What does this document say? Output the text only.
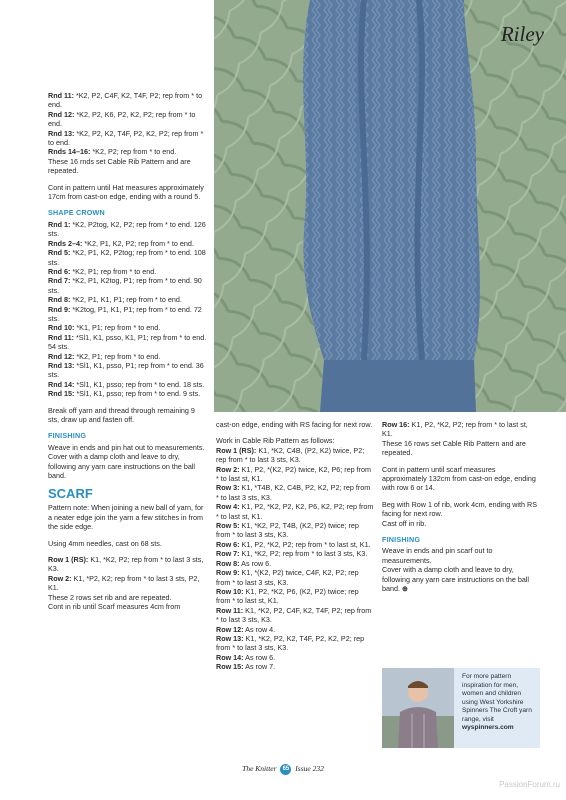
Riley
Rnd 11: *K2, P2, C4F, K2, T4F, P2; rep from * to end.
Rnd 12: *K2, P2, K6, P2, K2, P2; rep from * to end.
Rnd 13: *K2, P2, K2, T4F, P2, K2, P2; rep from * to end.
Rnds 14–16: *K2, P2; rep from * to end.

These 16 rnds set Cable Rib Pattern and are repeated.

Cont in pattern until Hat measures approximately 17cm from cast-on edge, ending with a round 5.

SHAPE CROWN
Rnd 1: *K2, P2tog, K2, P2; rep from * to end. 126 sts.
Rnds 2–4: *K2, P1, K2, P2; rep from * to end.
Rnd 5: *K2, P1, K2, P2tog; rep from * to end. 108 sts.
Rnd 6: *K2, P1; rep from * to end.
Rnd 7: *K2, P1, K2tog, P1; rep from * to end. 90 sts.
Rnd 8: *K2, P1, K1, P1; rep from * to end.
Rnd 9: *K2tog, P1, K1, P1; rep from * to end. 72 sts.
Rnd 10: *K1, P1; rep from * to end.
Rnd 11: *Sl1, K1, psso, K1, P1; rep from * to end. 54 sts.
Rnd 12: *K2, P1; rep from * to end.
Rnd 13: *Sl1, K1, psso, P1; rep from * to end. 36 sts.
Rnd 14: *Sl1, K1, psso; rep from * to end. 18 sts.
Rnd 15: *Sl1, K1, psso; rep from * to end. 9 sts.

Break off yarn and thread through remaining 9 sts, draw up and fasten off.

FINISHING
Weave in ends and pin hat out to measurements.

Cover with a damp cloth and leave to dry, following any yarn care instructions on the ball band.

SCARF

Pattern note: When joining a new ball of yarn, for a neater edge join the yarn a few stitches in from the side edge.

Using 4mm needles, cast on 68 sts.

Row 1 (RS): K1, *K2, P2; rep from * to last 3 sts, K3.
Row 2: K1, *P2, K2; rep from * to last 3 sts, P2, K1.
These 2 rows set rib and are repeated.
Cont in rib until Scarf measures 4cm from

cast-on edge, ending with RS facing for next row.

Work in Cable Rib Pattern as follows:
Row 1 (RS): K1, *K2, C4B, (P2, K2) twice, P2; rep from * to last 3 sts, K3.
Row 2: K1, P2, *(K2, P2) twice, K2, P6; rep from * to last st, K1.
Row 3: K1, *T4B, K2, C4B, P2, K2, P2; rep from * to last 3 sts, K3.
Row 4: K1, P2, *K2, P2, K2, P6, K2, P2; rep from * to last st, K1.
Row 5: K1, *K2, P2, T4B, (K2, P2) twice; rep from * to last 3 sts, K3.
Row 6: K1, P2, *K2, P2; rep from * to last st, K1.
Row 7: K1, *K2, P2; rep from * to last 3 sts, K3.
Row 8: As row 6.
Row 9: K1, *(K2, P2) twice, C4F, K2, P2; rep from * to last 3 sts, K3.
Row 10: K1, P2, *K2, P6, (K2, P2) twice; rep from * to last st, K1.
Row 11: K1, *K2, P2, C4F, K2, T4F, P2; rep from * to last 3 sts, K3.
Row 12: As row 4.
Row 13: K1, *K2, P2, K2, T4F, P2, K2, P2; rep from * to last 3 sts, K3.
Row 14: As row 6.
Row 15: As row 7.
Row 16: K1, P2, *K2, P2; rep from * to last st, K1.

These 16 rows set Cable Rib Pattern and are repeated.

Cont in pattern until scarf measures approximately 132cm from cast-on edge, ending with row 6 or 14.

Beg with Row 1 of rib, work 4cm, ending with RS facing for next row.

Cast off in rib.

FINISHING
Weave in ends and pin scarf out to measurements.
Cover with a damp cloth and leave to dry, following any yarn care instructions on the ball band. ⊕
For more pattern inspiration for men, women and children using West Yorkshire Spinners The Croft yarn range, visit wyspinners.com
The Knitter 65 Issue 232
PassionForum.ru
